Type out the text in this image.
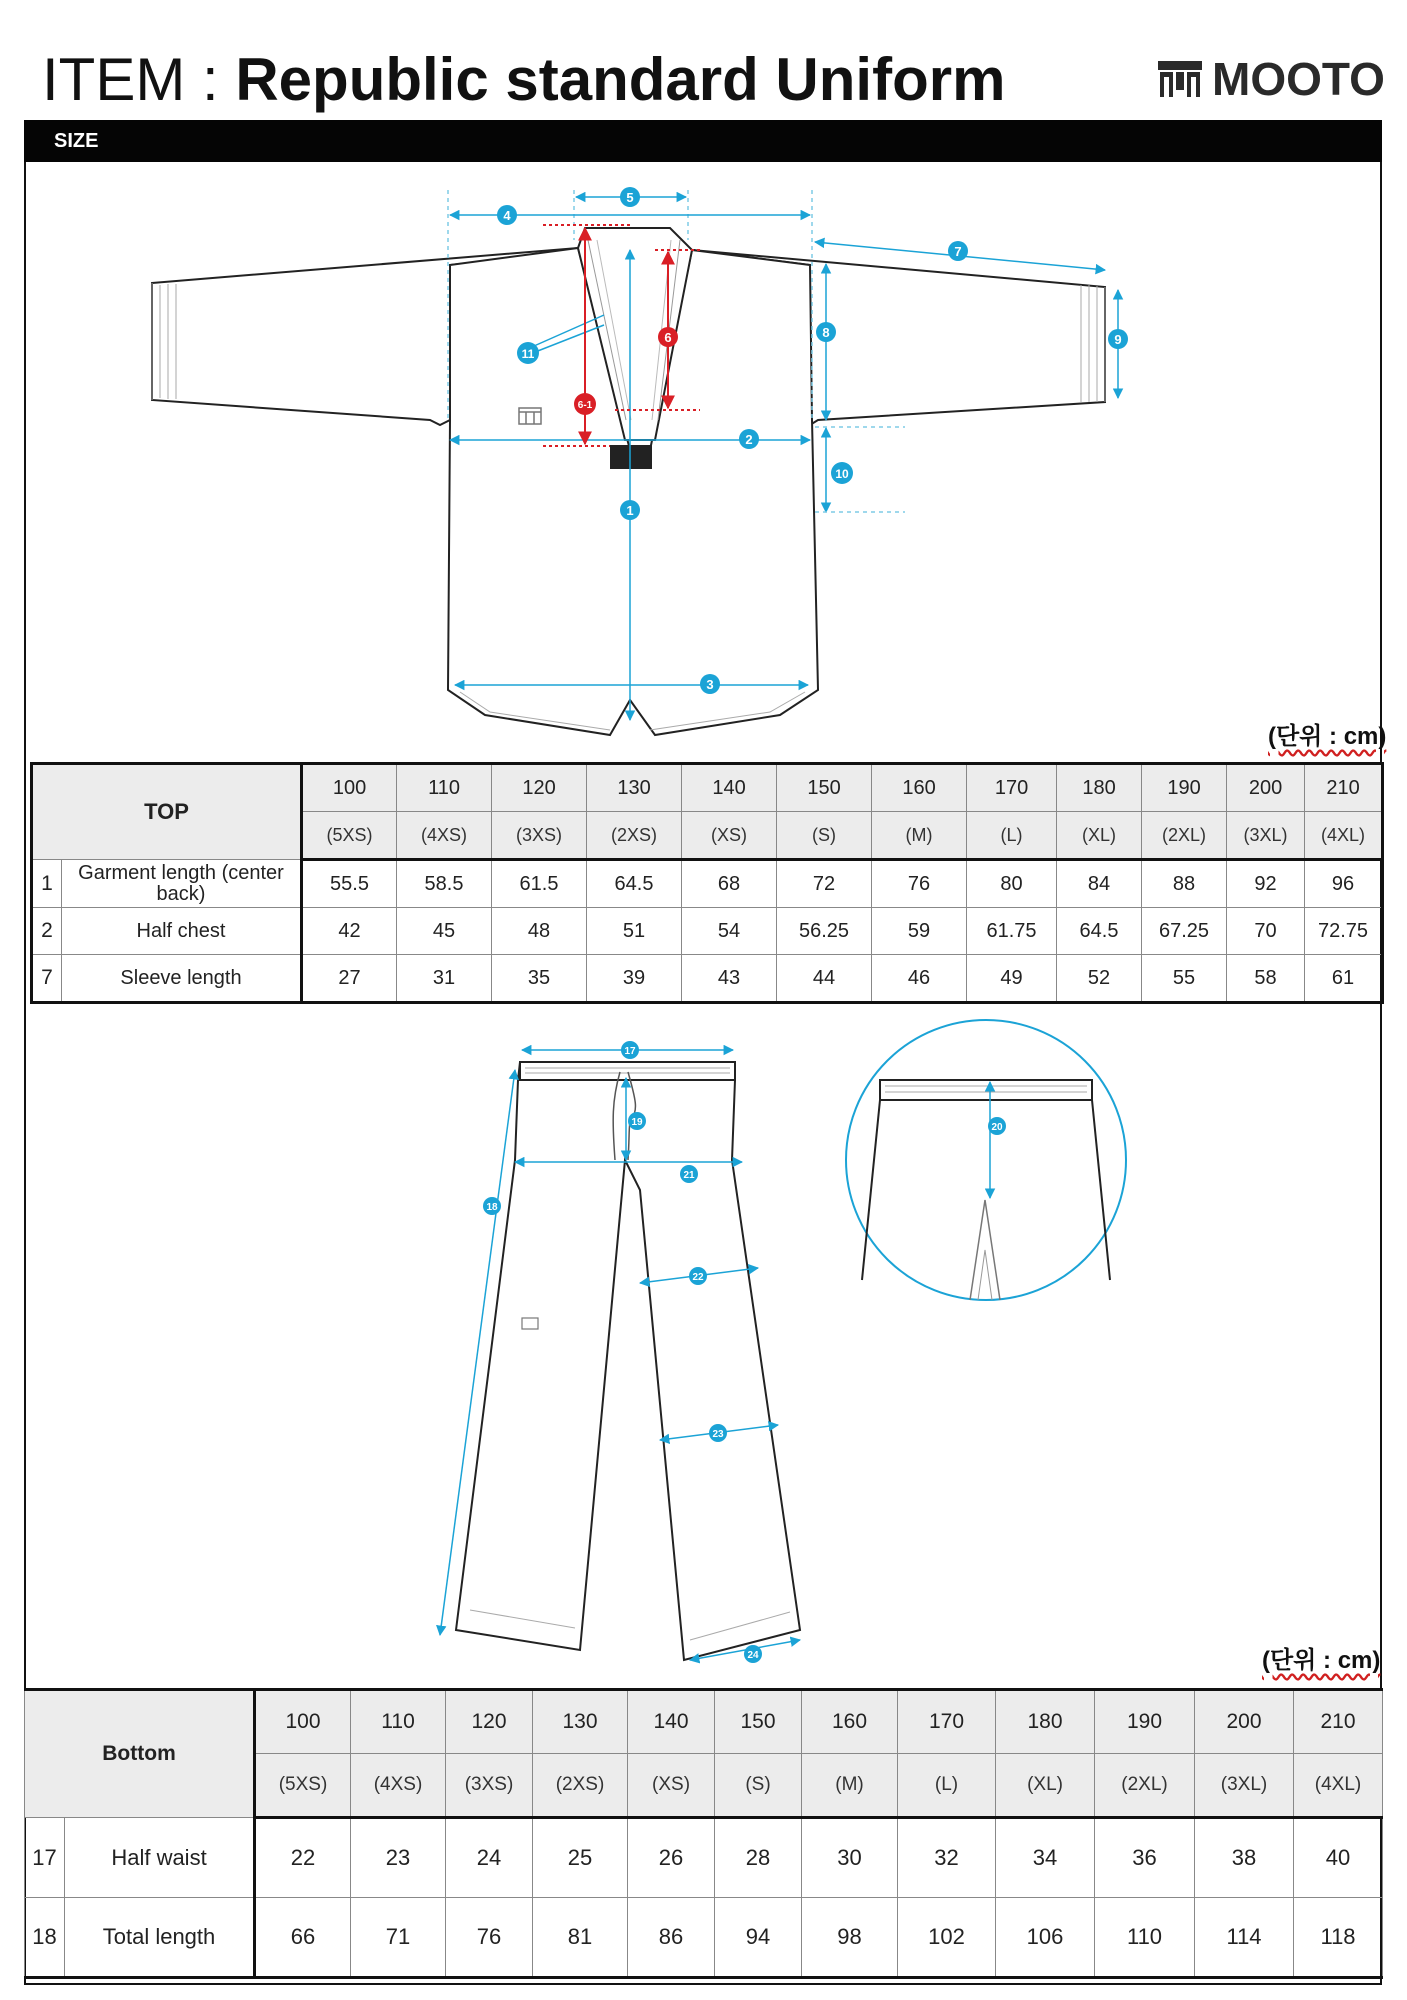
ITEM : Republic standard Uniform	MOOTO
SIZE
4
5
7
8	9
11
6
6-1
2
10
1
3
17
19
21
18
22
23
24
20
(단위 : cm)
(단위 : cm)
TOP		100	110	120	130	140	150	160	170	180	190	200	210
		(5XS)	(4XS)	(3XS)	(2XS)	(XS)	(S)	(M)	(L)	(XL)	(2XL)	(3XL)	(4XL)
1	Garment length (center back)	55.5	58.5	61.5	64.5	68	72	76	80	84	88	92	96
2	Half chest	42	45	48	51	54	56.25	59	61.75	64.5	67.25	70	72.75
7	Sleeve length	27	31	35	39	43	44	46	49	52	55	58	61
Bottom		100	110	120	130	140	150	160	170	180	190	200	210
		(5XS)	(4XS)	(3XS)	(2XS)	(XS)	(S)	(M)	(L)	(XL)	(2XL)	(3XL)	(4XL)
17	Half waist	22	23	24	25	26	28	30	32	34	36	38	40
18	Total length	66	71	76	81	86	94	98	102	106	110	114	118
